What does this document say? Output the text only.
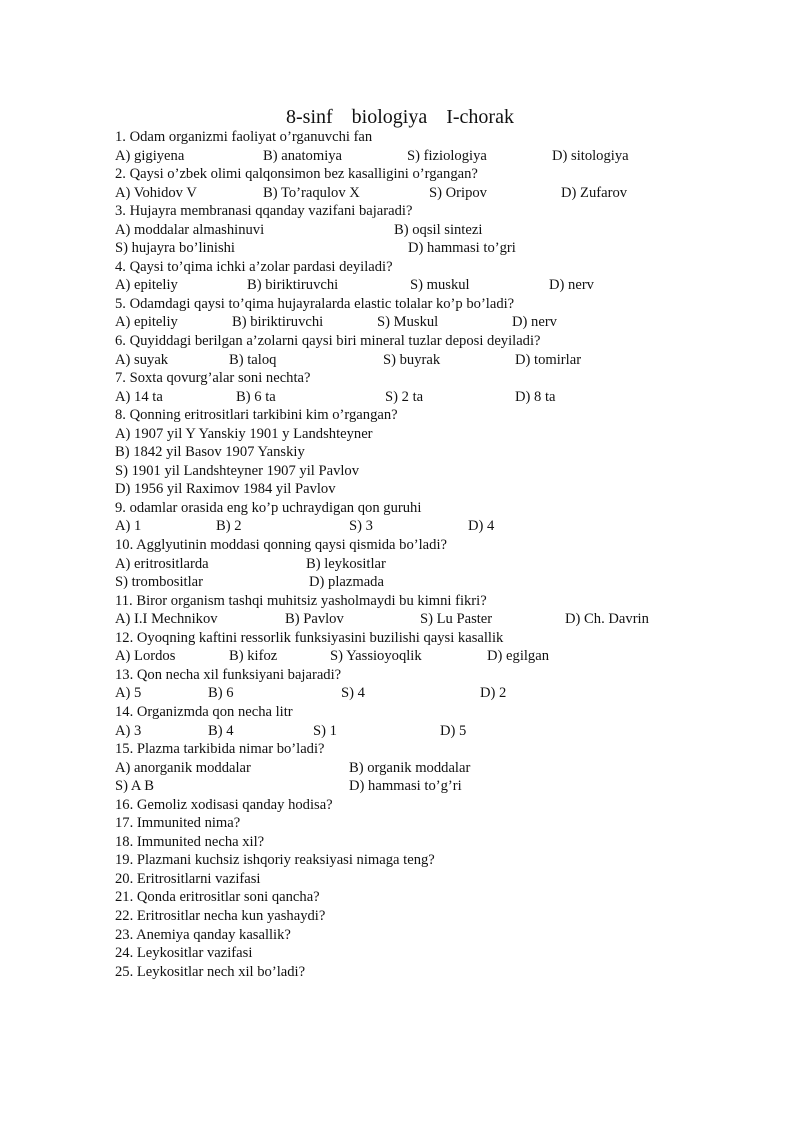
8-sinf biologiya I-chorak
1. Odam organizmi faoliyat o’rganuvchi fan
A) gigiyena	B) anatomiya	S) fiziologiya	D) sitologiya
2. Qaysi o’zbek olimi qalqonsimon bez kasalligini o’rgangan?
A) Vohidov V	B) To’raqulov X	S) Oripov	D) Zufarov
3. Hujayra membranasi qqanday vazifani bajaradi?
A) moddalar almashinuvi	B) oqsil sintezi
S) hujayra bo’linishi	D) hammasi to’gri
4. Qaysi to’qima ichki a’zolar pardasi deyiladi?
A) epiteliy	B) biriktiruvchi	S) muskul	D) nerv
5. Odamdagi qaysi to’qima hujayralarda elastic tolalar ko’p bo’ladi?
A) epiteliy	B) biriktiruvchi	S) Muskul	D) nerv
6. Quyiddagi berilgan a’zolarni qaysi biri mineral tuzlar deposi deyiladi?
A) suyak	B) taloq	S) buyrak	D) tomirlar
7. Soxta qovurg’alar soni nechta?
A) 14 ta	B) 6 ta	S) 2 ta	D) 8 ta
8. Qonning eritrositlari tarkibini kim o’rgangan?
A) 1907 yil Y Yanskiy 1901 y Landshteyner
B) 1842 yil Basov 1907 Yanskiy
S) 1901 yil Landshteyner 1907 yil Pavlov
D) 1956 yil Raximov 1984 yil Pavlov
9. odamlar orasida eng ko’p uchraydigan qon guruhi
A) 1	B) 2	S) 3	D) 4
10. Agglyutinin moddasi qonning qaysi qismida bo’ladi?
A) eritrositlarda	B) leykositlar
S) trombositlar	D) plazmada
11. Biror organism tashqi muhitsiz yasholmaydi bu kimni fikri?
A) I.I Mechnikov	B) Pavlov	S) Lu Paster	D) Ch. Davrin
12. Oyoqning kaftini ressorlik funksiyasini buzilishi qaysi kasallik
A) Lordos	B) kifoz	S) Yassioyoqlik	D) egilgan
13. Qon necha xil funksiyani bajaradi?
A) 5	B) 6	S) 4	D) 2
14. Organizmda qon necha litr
A) 3	B) 4	S) 1	D) 5
15. Plazma tarkibida nimar bo’ladi?
A) anorganik moddalar	B) organik moddalar
S) A B	D) hammasi to’g’ri
16. Gemoliz xodisasi qanday hodisa?
17. Immunited nima?
18. Immunited necha xil?
19. Plazmani kuchsiz ishqoriy reaksiyasi nimaga teng?
20. Eritrositlarni vazifasi
21. Qonda eritrositlar soni qancha?
22. Eritrositlar necha kun yashaydi?
23. Anemiya qanday kasallik?
24. Leykositlar vazifasi
25. Leykositlar nech xil bo’ladi?
